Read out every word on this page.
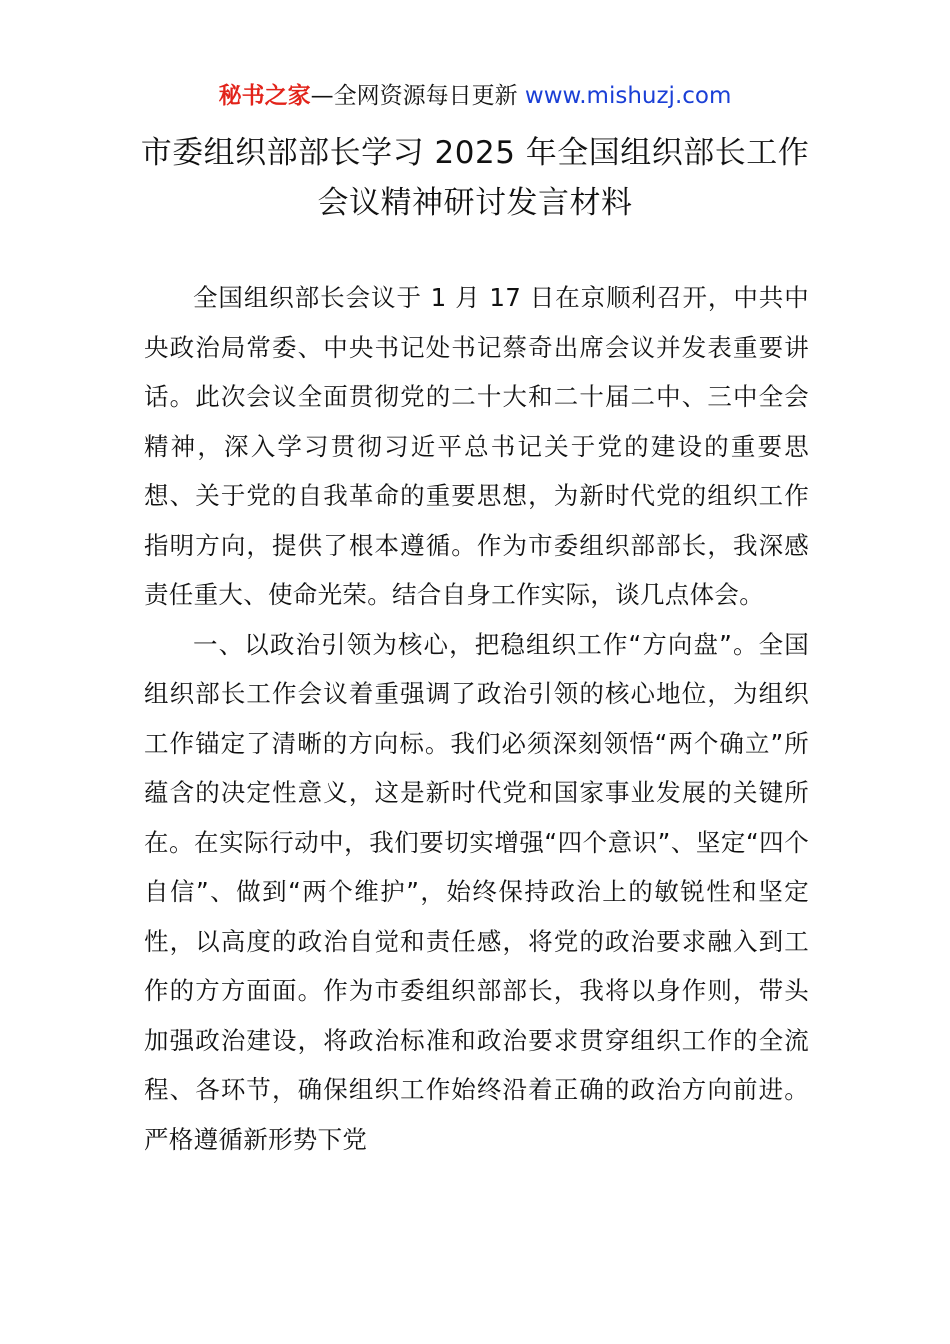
秘书之家—全网资源每日更新 www.mishuzj.com
市委组织部部长学习 2025 年全国组织部长工作
会议精神研讨发言材料

全国组织部长会议于 1 月 17 日在京顺利召开，中共中央政治局常委、中央书记处书记蔡奇出席会议并发表重要讲话。此次会议全面贯彻党的二十大和二十届二中、三中全会精神，深入学习贯彻习近平总书记关于党的建设的重要思想、关于党的自我革命的重要思想，为新时代党的组织工作指明方向，提供了根本遵循。作为市委组织部部长，我深感责任重大、使命光荣。结合自身工作实际，谈几点体会。

一、以政治引领为核心，把稳组织工作“方向盘”。全国组织部长工作会议着重强调了政治引领的核心地位，为组织工作锚定了清晰的方向标。我们必须深刻领悟“两个确立”所蕴含的决定性意义，这是新时代党和国家事业发展的关键所在。在实际行动中，我们要切实增强“四个意识”、坚定“四个自信”、做到“两个维护”，始终保持政治上的敏锐性和坚定性，以高度的政治自觉和责任感，将党的政治要求融入到工作的方方面面。作为市委组织部部长，我将以身作则，带头加强政治建设，将政治标准和政治要求贯穿组织工作的全流程、各环节，确保组织工作始终沿着正确的政治方向前进。严格遵循新形势下党
